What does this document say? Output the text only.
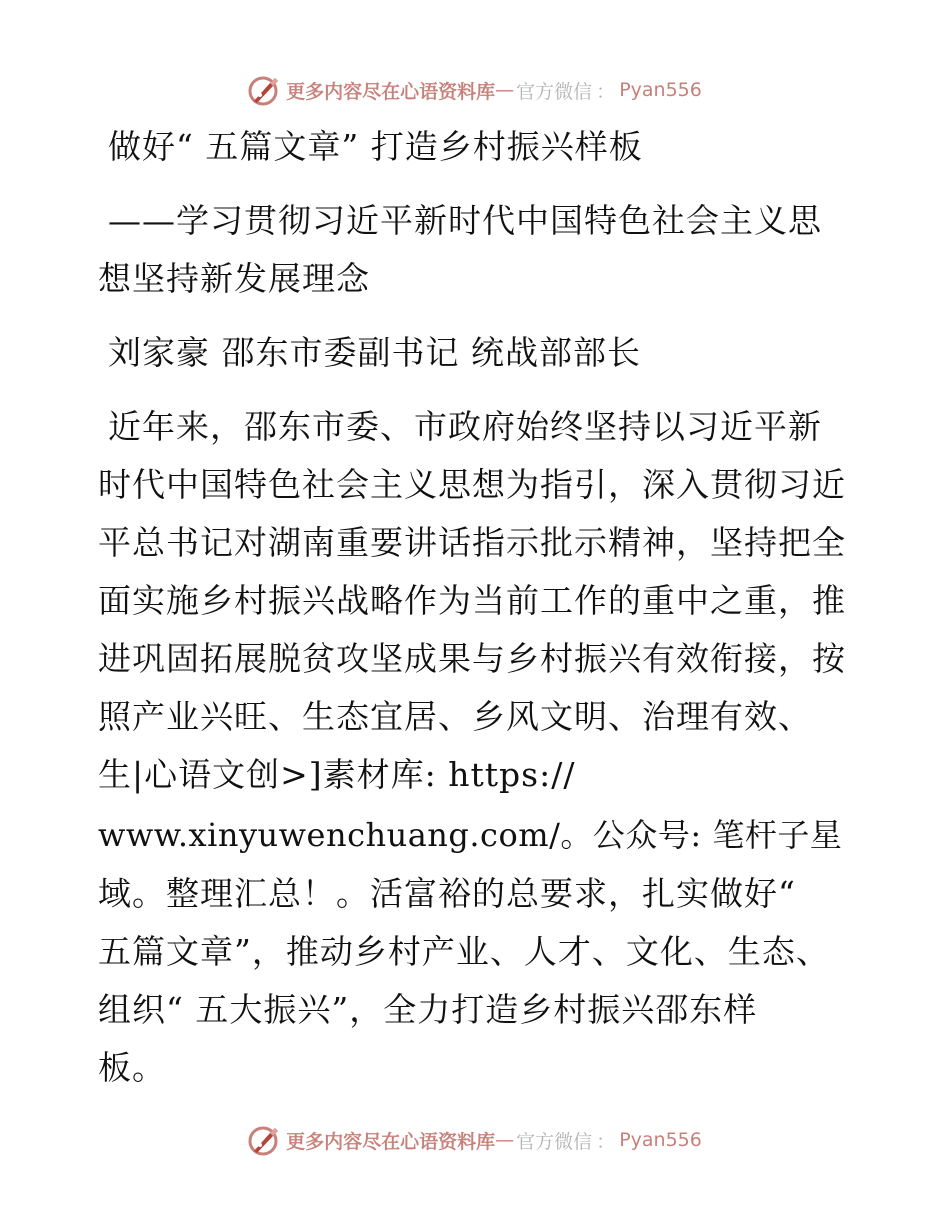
更多内容尽在心语资料库 — 官方微信 ： Pyan556
做好“ 五篇文章” 打造乡村振兴样板
——学习贯彻习近平新时代中国特色社会主义思
想坚持新发展理念
刘家豪 邵东市委副书记 统战部部长
近年来，邵东市委、市政府始终坚持以习近平新
时代中国特色社会主义思想为指引，深入贯彻习近
平总书记对湖南重要讲话指示批示精神，坚持把全
面实施乡村振兴战略作为当前工作的重中之重，推
进巩固拓展脱贫攻坚成果与乡村振兴有效衔接，按
照产业兴旺、生态宜居、乡风文明、治理有效、
生|心语文创>]素材库: https://
www.xinyuwenchuang.com/。公众号: 笔杆子星
域。整理汇总！。活富裕的总要求，扎实做好“
五篇文章”，推动乡村产业、人才、文化、生态、
组织“ 五大振兴”，全力打造乡村振兴邵东样
板。
更多内容尽在心语资料库 — 官方微信 ： Pyan556
